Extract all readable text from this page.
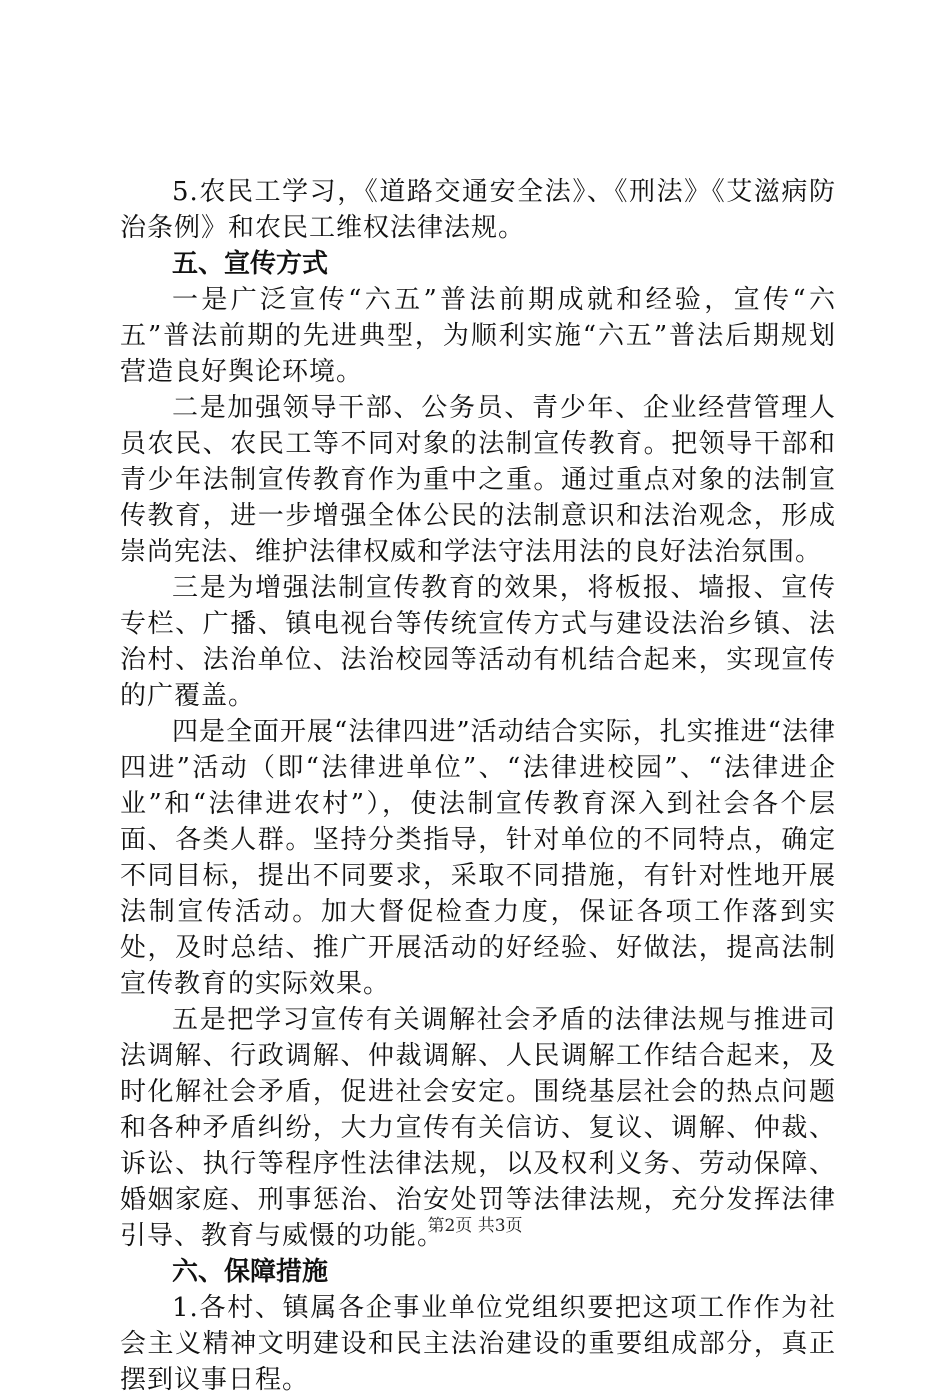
5.农民工学习，《道路交通安全法》、《刑法》《艾滋病防治条例》和农民工维权法律法规。

五、宣传方式

一是广泛宣传“六五”普法前期成就和经验，宣传“六五”普法前期的先进典型，为顺利实施“六五”普法后期规划营造良好舆论环境。

二是加强领导干部、公务员、青少年、企业经营管理人员农民、农民工等不同对象的法制宣传教育。把领导干部和青少年法制宣传教育作为重中之重。通过重点对象的法制宣传教育，进一步增强全体公民的法制意识和法治观念，形成崇尚宪法、维护法律权威和学法守法用法的良好法治氛围。

三是为增强法制宣传教育的效果，将板报、墙报、宣传专栏、广播、镇电视台等传统宣传方式与建设法治乡镇、法治村、法治单位、法治校园等活动有机结合起来，实现宣传的广覆盖。

四是全面开展“法律四进”活动结合实际，扎实推进“法律四进”活动（即“法律进单位”、“法律进校园”、“法律进企业”和“法律进农村”），使法制宣传教育深入到社会各个层面、各类人群。坚持分类指导，针对单位的不同特点，确定不同目标，提出不同要求，采取不同措施，有针对性地开展法制宣传活动。加大督促检查力度，保证各项工作落到实处，及时总结、推广开展活动的好经验、好做法，提高法制宣传教育的实际效果。

五是把学习宣传有关调解社会矛盾的法律法规与推进司法调解、行政调解、仲裁调解、人民调解工作结合起来，及时化解社会矛盾，促进社会安定。围绕基层社会的热点问题和各种矛盾纠纷，大力宣传有关信访、复议、调解、仲裁、诉讼、执行等程序性法律法规，以及权利义务、劳动保障、婚姻家庭、刑事惩治、治安处罚等法律法规，充分发挥法律引导、教育与威慑的功能。

六、保障措施

1.各村、镇属各企事业单位党组织要把这项工作作为社会主义精神文明建设和民主法治建设的重要组成部分，真正摆到议事日程。

第2页 共3页
